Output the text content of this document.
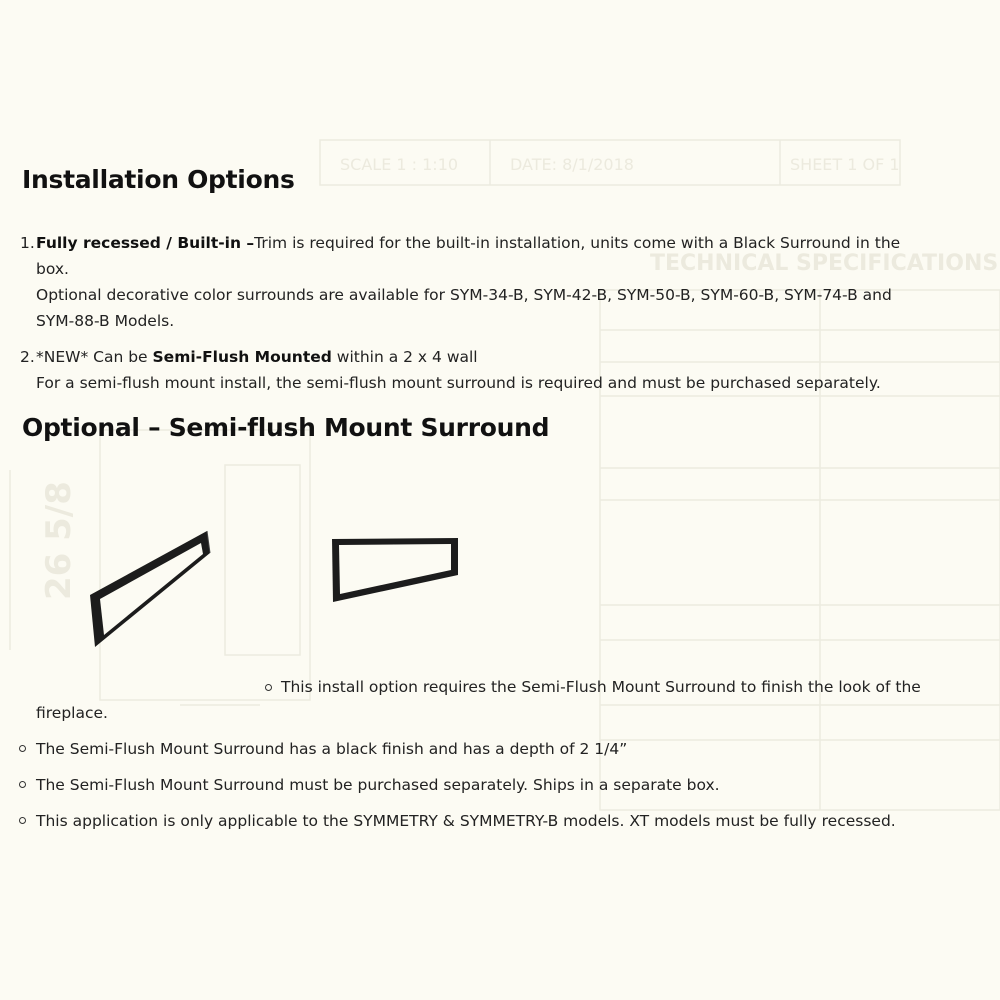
TECHNICAL SPECIFICATIONS
SCALE 1 : 1:10	DATE: 8/1/2018	SHEET 1 OF 1
26 5/8
Installation Options
1. Fully recessed / Built-in –Trim is required for the built-in installation, units come with a Black Surround in the

box.

Optional decorative color surrounds are available for SYM-34-B, SYM-42-B, SYM-50-B, SYM-60-B, SYM-74-B and

SYM-88-B Models.

2. *NEW* Can be Semi-Flush Mounted within a 2 x 4 wall

For a semi-flush mount install, the semi-flush mount surround is required and must be purchased separately.

Optional – Semi-flush Mount Surround

This install option requires the Semi-Flush Mount Surround to finish the look of the

fireplace.

The Semi-Flush Mount Surround has a black finish and has a depth of 2 1/4”

The Semi-Flush Mount Surround must be purchased separately. Ships in a separate box.

This application is only applicable to the SYMMETRY & SYMMETRY-B models. XT models must be fully recessed.
